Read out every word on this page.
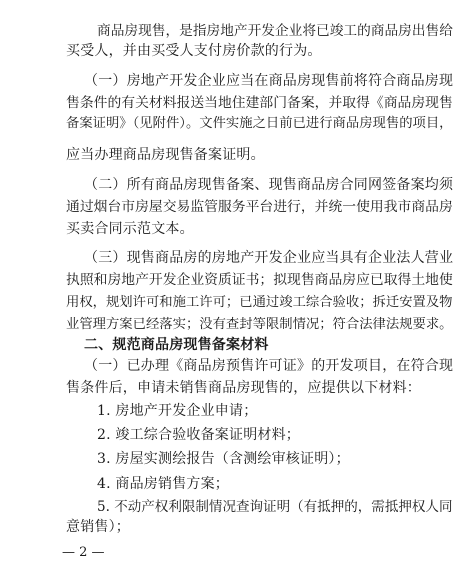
商品房现售，是指房地产开发企业将已竣工的商品房出售给
买受人，并由买受人支付房价款的行为。
（一）房地产开发企业应当在商品房现售前将符合商品房现
售条件的有关材料报送当地住建部门备案，并取得《商品房现售
备案证明》（见附件）。文件实施之日前已进行商品房现售的项目，
应当办理商品房现售备案证明。
（二）所有商品房现售备案、现售商品房合同网签备案均须
通过烟台市房屋交易监管服务平台进行，并统一使用我市商品房
买卖合同示范文本。
（三）现售商品房的房地产开发企业应当具有企业法人营业
执照和房地产开发企业资质证书；拟现售商品房应已取得土地使
用权，规划许可和施工许可；已通过竣工综合验收；拆迁安置及物
业管理方案已经落实；没有查封等限制情况；符合法律法规要求。
二、规范商品房现售备案材料
（一）已办理《商品房预售许可证》的开发项目，在符合现
售条件后，申请未销售商品房现售的，应提供以下材料：
1. 房地产开发企业申请；
2. 竣工综合验收备案证明材料；
3. 房屋实测绘报告（含测绘审核证明）；
4. 商品房销售方案；
5. 不动产权利限制情况查询证明（有抵押的，需抵押权人同
意销售）；
— 2 —
